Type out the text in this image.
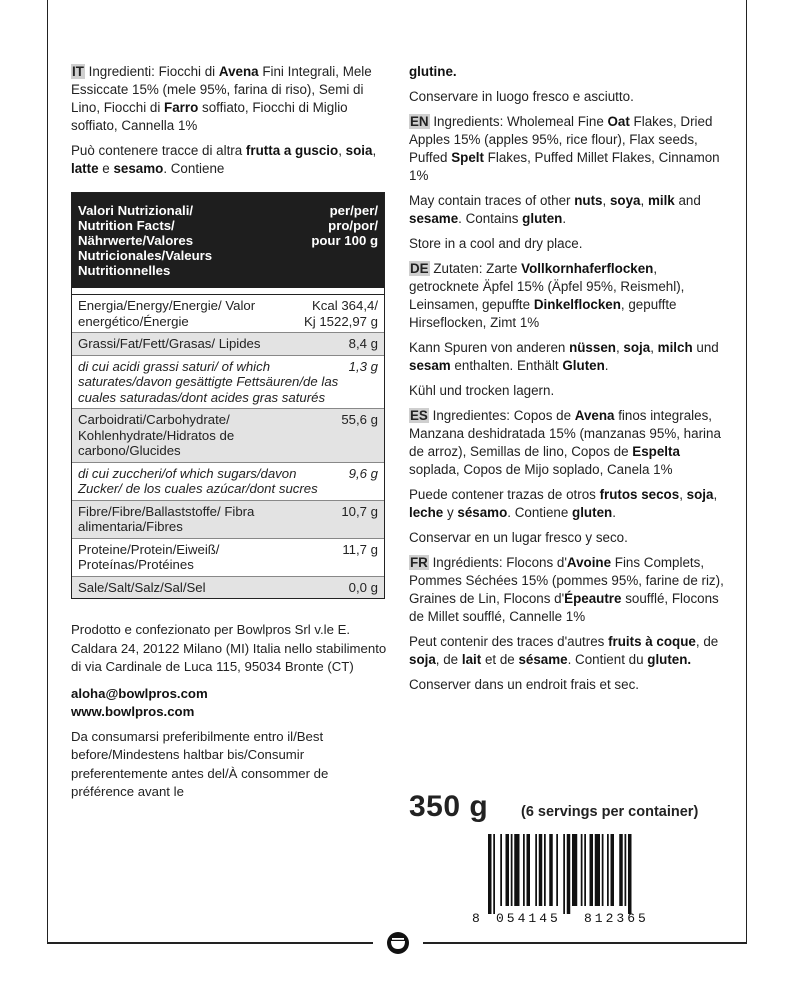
IT Ingredienti: Fiocchi di Avena Fini Integrali, Mele Essiccate 15% (mele 95%, farina di riso), Semi di Lino, Fiocchi di Farro soffiato, Fiocchi di Miglio soffiato, Cannella 1%

Può contenere tracce di altra frutta a guscio, soia, latte e sesamo. Contiene

Valori Nutrizionali/
Nutrition Facts/
Nährwerte/Valores
Nutricionales/Valeurs
Nutritionnelles
per/per/
pro/por/
pour 100 g
Energia/Energy/Energie/ Valor energético/Énergie
Kcal 364,4/
Kj 1522,97 g
Grassi/Fat/Fett/Grasas/ Lipides	8,4 g
di cui acidi grassi saturi/ of which saturates/davon gesättigte Fettsäuren/de las cuales saturadas/dont acides gras saturés
1,3 g
Carboidrati/Carbohydrate/ Kohlenhydrate/Hidratos de carbono/Glucides
55,6 g
di cui zuccheri/of which sugars/davon Zucker/ de los cuales azúcar/dont sucres
9,6 g
Fibre/Fibre/Ballaststoffe/ Fibra alimentaria/Fibres
10,7 g
Proteine/Protein/Eiweiß/ Proteínas/Protéines
11,7 g
Sale/Salt/Salz/Sal/Sel	0,0 g

Prodotto e confezionato per Bowlpros Srl v.le E. Caldara 24, 20122 Milano (MI) Italia nello stabilimento di via Cardinale de Luca 115, 95034 Bronte (CT)

aloha@bowlpros.com
www.bowlpros.com

Da consumarsi preferibilmente entro il/Best before/Mindestens haltbar bis/Consumir preferentemente antes del/À consommer de préférence avant le

glutine.

Conservare in luogo fresco e asciutto.

EN Ingredients: Wholemeal Fine Oat Flakes, Dried Apples 15% (apples 95%, rice flour), Flax seeds, Puffed Spelt Flakes, Puffed Millet Flakes, Cinnamon 1%

May contain traces of other nuts, soya, milk and sesame. Contains gluten.

Store in a cool and dry place.

DE Zutaten: Zarte Vollkornhaferflocken, getrocknete Äpfel 15% (Äpfel 95%, Reismehl), Leinsamen, gepuffte Dinkelflocken, gepuffte Hirseflocken, Zimt 1%

Kann Spuren von anderen nüssen, soja, milch und sesam enthalten. Enthält Gluten.

Kühl und trocken lagern.

ES Ingredientes: Copos de Avena finos integrales, Manzana deshidratada 15% (manzanas 95%, harina de arroz), Semillas de lino, Copos de Espelta soplada, Copos de Mijo soplado, Canela 1%

Puede contener trazas de otros frutos secos, soja, leche y sésamo. Contiene gluten.

Conservar en un lugar fresco y seco.

FR Ingrédients: Flocons d'Avoine Fins Complets, Pommes Séchées 15% (pommes 95%, farine de riz), Graines de Lin, Flocons d'Épeautre soufflé, Flocons de Millet soufflé, Cannelle 1%

Peut contenir des traces d'autres fruits à coque, de soja, de lait et de sésame. Contient du gluten.

Conserver dans un endroit frais et sec.

350 g (6 servings per container)
8 054145 812365
